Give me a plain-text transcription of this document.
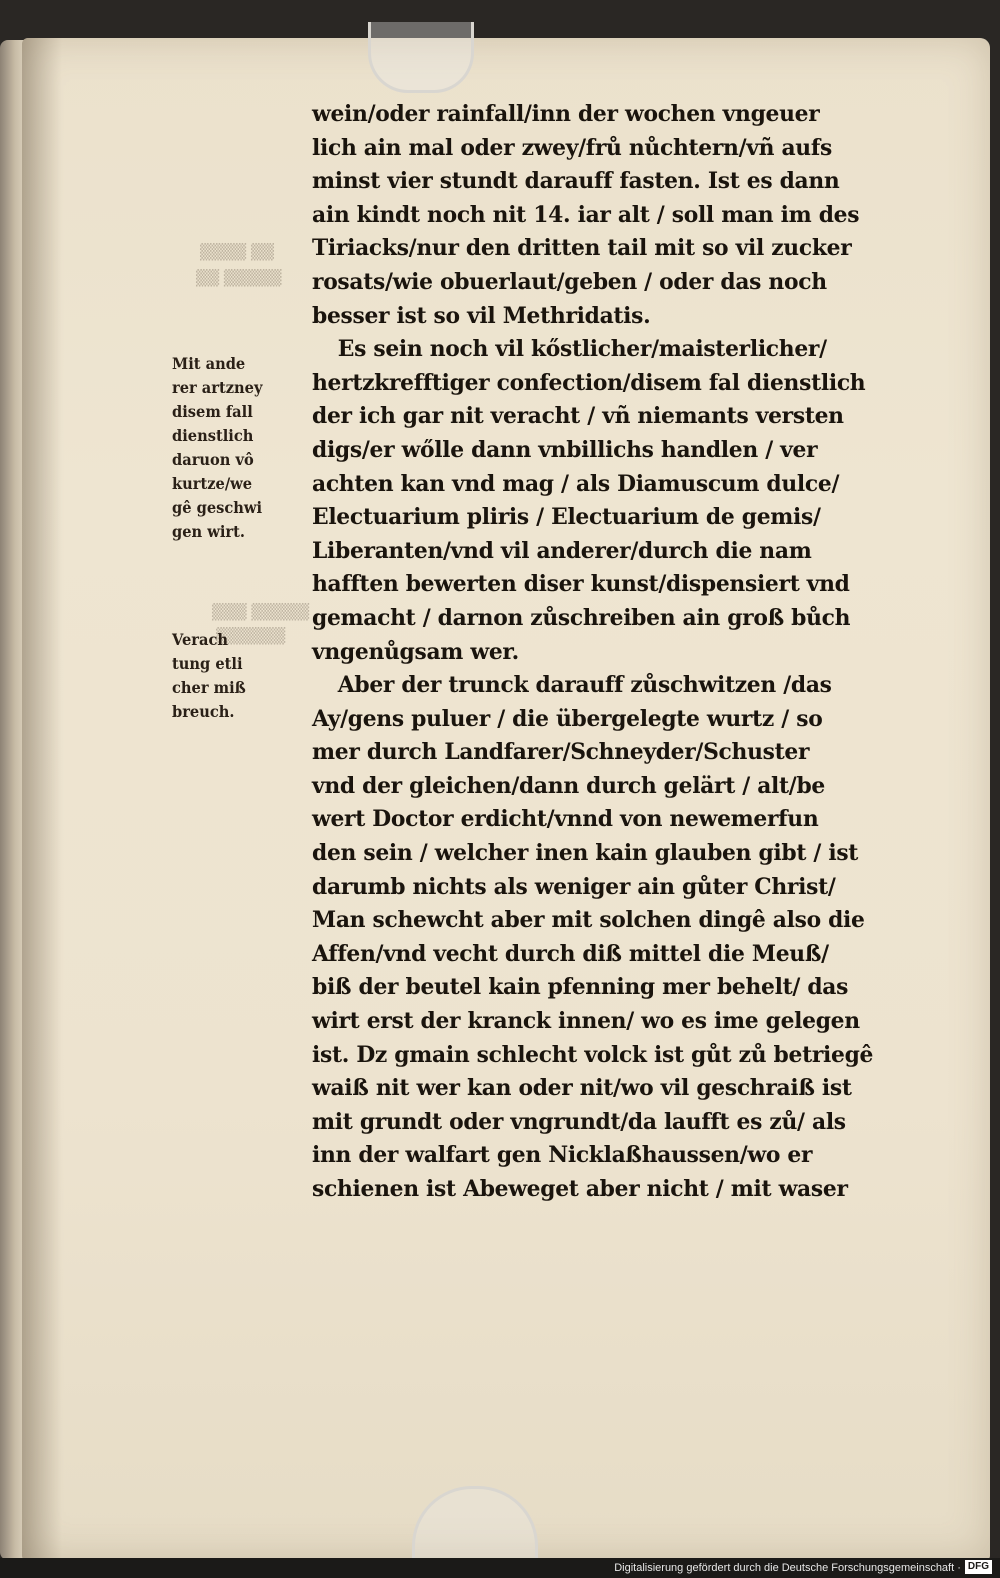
▒▒ ▒▒▒▒
▒▒▒▒▒ ▒▒
▒▒▒▒▒ ▒▒▒
▒▒▒▒▒▒
Mit ande
rer artzney
disem fall
dienstlich
daruon vô
kurtze/we
gê geschwi
gen wirt.
Verach
tung etli
cher miß
breuch.
wein/oder rainfall/inn der wochen vngeuer
lich ain mal oder zwey/frů nůchtern/vñ aufs
minst vier stundt darauff fasten. Ist es dann
ain kindt noch nit 14. iar alt / soll man im des
Tiriacks/nur den dritten tail mit so vil zucker
rosats/wie obuerlaut/geben / oder das noch
besser ist so vil Methridatis.
Es sein noch vil kőstlicher/maisterlicher/
hertzkrefftiger confection/disem fal dienstlich
der ich gar nit veracht / vñ niemants versten
digs/er wőlle dann vnbillichs handlen / ver
achten kan vnd mag / als Diamuscum dulce/
Electuarium pliris / Electuarium de gemis/
Liberanten/vnd vil anderer/durch die nam
hafften bewerten diser kunst/dispensiert vnd
gemacht / darnon zůschreiben ain groß bůch
vngenůgsam wer.
Aber der trunck darauff zůschwitzen /das
Ay/gens puluer / die übergelegte wurtz / so
mer durch Landfarer/Schneyder/Schuster
vnd der gleichen/dann durch gelärt / alt/be
wert Doctor erdicht/vnnd von newemerfun
den sein / welcher inen kain glauben gibt / ist
darumb nichts als weniger ain gůter Christ/
Man schewcht aber mit solchen dingê also die
Affen/vnd vecht durch diß mittel die Meuß/
biß der beutel kain pfenning mer behelt/ das
wirt erst der kranck innen/ wo es ime gelegen
ist. Dz gmain schlecht volck ist gůt zů betriegê
waiß nit wer kan oder nit/wo vil geschraiß ist
mit grundt oder vngrundt/da laufft es zů/ als
inn der walfart gen Nicklaßhaussen/wo er
schienen ist Abeweget aber nicht / mit waser
Digitalisierung gefördert durch die Deutsche Forschungsgemeinschaft · DFG
